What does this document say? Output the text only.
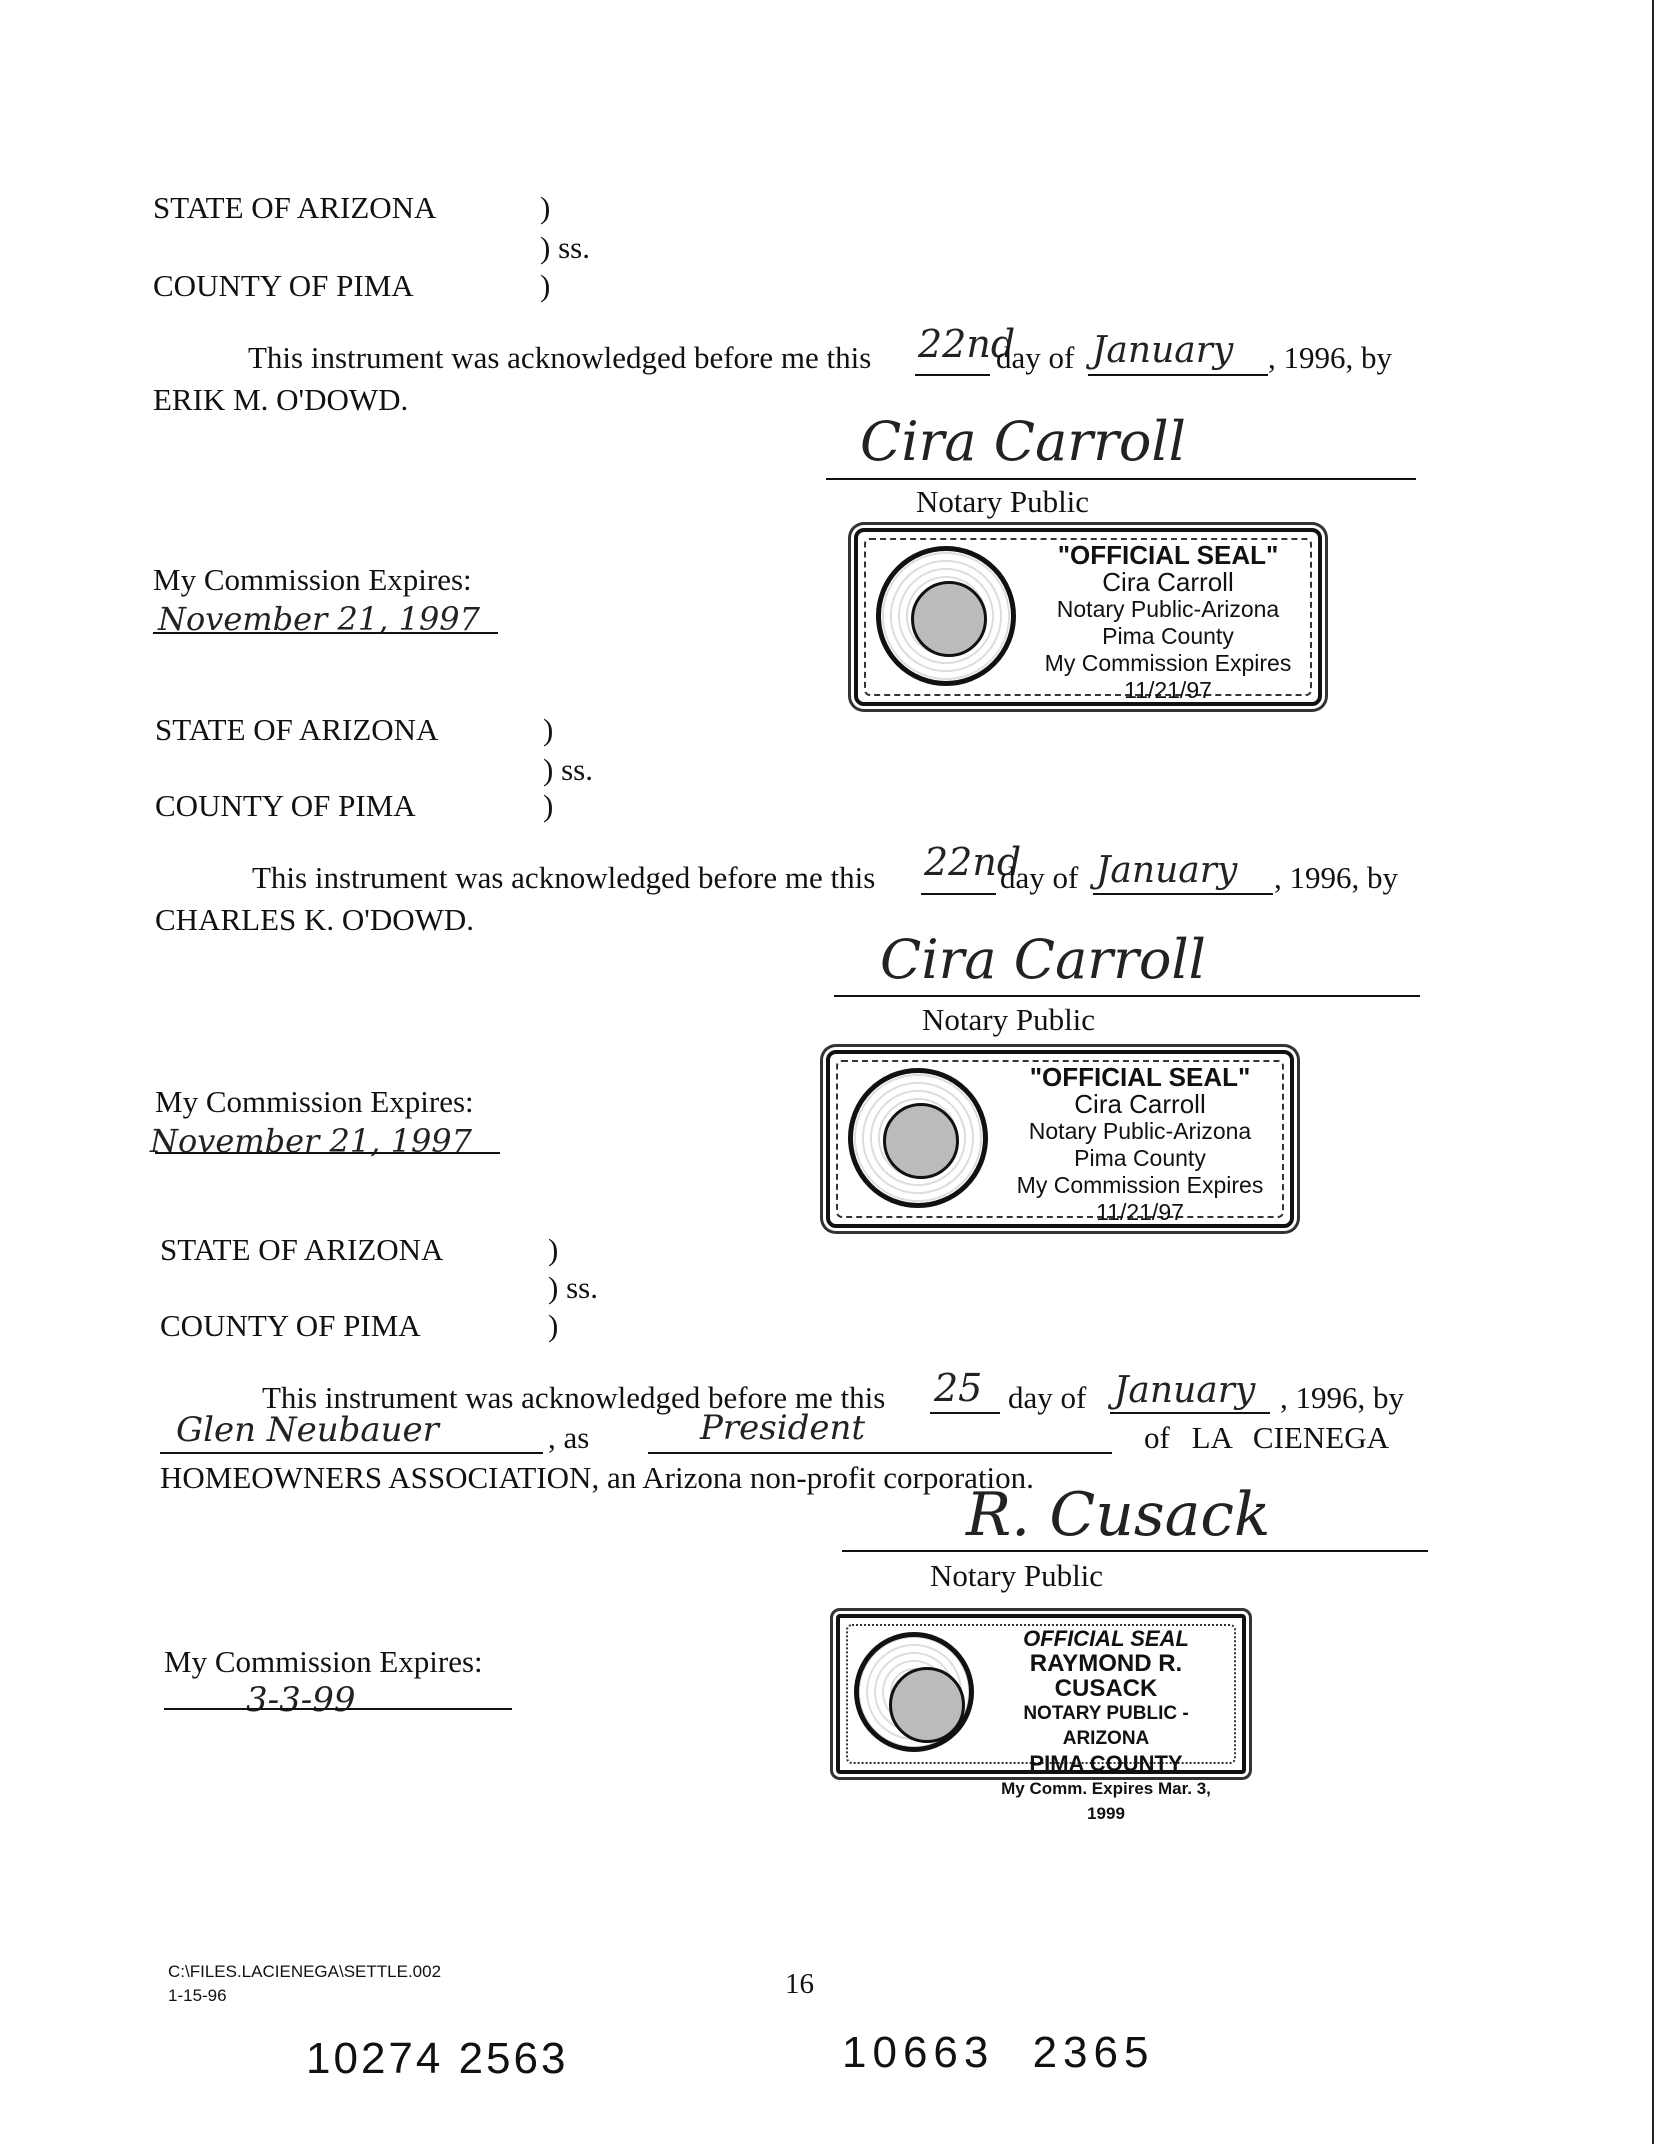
STATE OF ARIZONA	)
) ss.
COUNTY OF PIMA	)
This instrument was acknowledged before me this 22nd
day of January , 1996, by
ERIK M. O'DOWD.
Cira Carroll
Notary Public
My Commission Expires:
November 21, 1997
"OFFICIAL SEAL"
Cira Carroll
Notary Public-Arizona
Pima County
My Commission Expires 11/21/97
STATE OF ARIZONA	)
) ss.
COUNTY OF PIMA	)
This instrument was acknowledged before me this 22nd
day of January , 1996, by
CHARLES K. O'DOWD.
Cira Carroll
Notary Public
My Commission Expires:
November 21, 1997
"OFFICIAL SEAL"
Cira Carroll
Notary Public-Arizona
Pima County
My Commission Expires 11/21/97
STATE OF ARIZONA	)
) ss.
COUNTY OF PIMA	)
This instrument was acknowledged before me this 25 day of January , 1996, by
Glen Neubauer	, as	President	of LA CIENEGA
HOMEOWNERS ASSOCIATION, an Arizona non-profit corporation.
R. Cusack
Notary Public
My Commission Expires:
3-3-99
OFFICIAL SEAL
RAYMOND R. CUSACK
NOTARY PUBLIC - ARIZONA
PIMA COUNTY
My Comm. Expires Mar. 3, 1999
C:\FILES.LACIENEGA\SETTLE.002
1-15-96	16
10274 2563	10663 2365
